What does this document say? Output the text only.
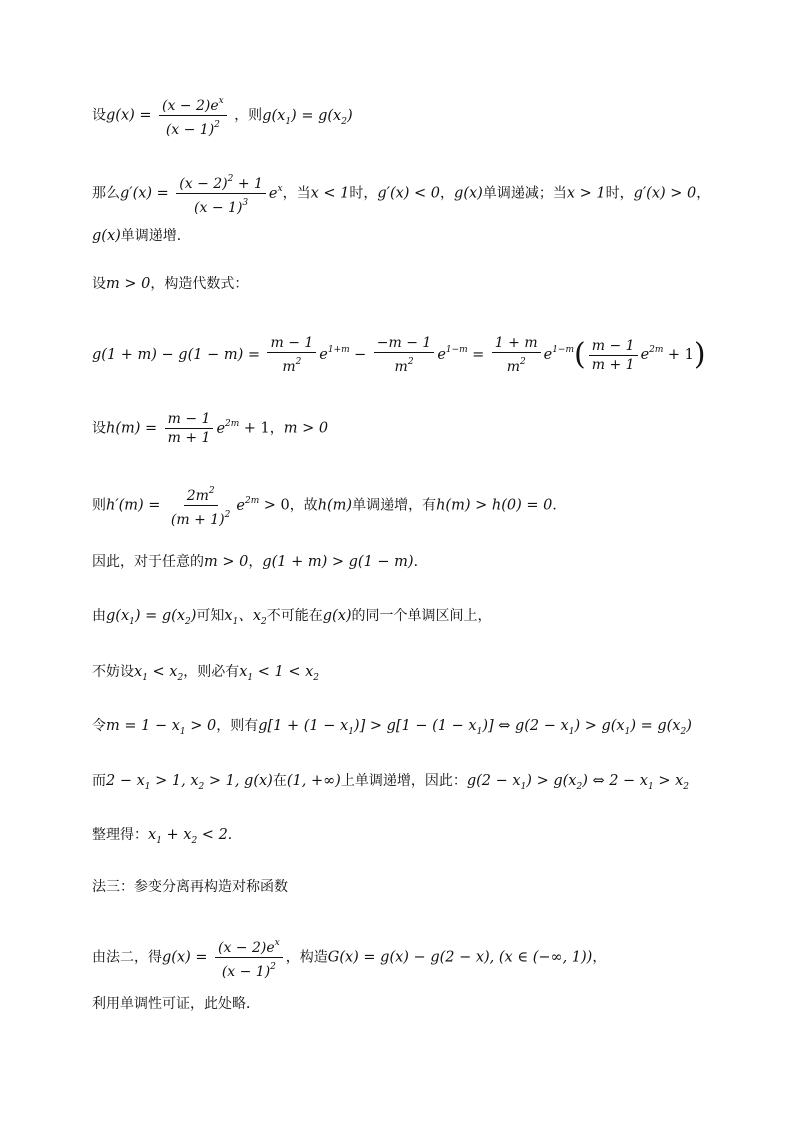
设$g(x) = \frac{(x - 2)e^x}{(x - 1)^2}$ ，则$g(x_1) = g(x_2)$
那么$g'(x) = \frac{(x - 2)^2 + 1}{(x - 1)^3} e^x$，当x < 1时，g′(x) < 0，g(x)单调递减；当x > 1时，g′(x) > 0，
g(x)单调递增．
设m > 0，构造代数式：
$g(1 + m) - g(1 - m) = \frac{m - 1}{m^2} e^{1+m} - \frac{-m - 1}{m^2} e^{1-m} = \frac{1 + m}{m^2} e^{1-m}( \frac{m - 1}{m + 1} e^{2m} + 1)$
设$h(m) = \frac{m - 1}{m + 1} e^{2m} + 1$，m > 0
则$h'(m) = \frac{2m^2}{(m + 1)^2} e^{2m} > 0$，故h(m)单调递增，有h(m) > h(0) = 0．
因此，对于任意的m > 0，g(1 + m) > g(1 − m)．
由$g(x_1) = g(x_2)$可知$x_1$、$x_2$不可能在g(x)的同一个单调区间上，
不妨设$x_1 < x_2$，则必有$x_1 < 1 < x_2$
令$m = 1 - x_1 > 0$，则有$g[1 + (1 - x_1)] > g[1 - (1 - x_1)]$ ⇔ $g(2 - x_1) > g(x_1) = g(x_2)$
而$2 - x_1 > 1$, $x_2 > 1$, g(x)在(1, +∞)上单调递增，因此：$g(2 - x_1) > g(x_2)$ ⇔ $2 - x_1 > x_2$
整理得：$x_1 + x_2 < 2$．
法三：参变分离再构造对称函数
由法二，得$g(x) = \frac{(x - 2)e^x}{(x - 1)^2}$ ，构造G(x) = g(x) − g(2 − x), (x ∈ (−∞, 1))，
利用单调性可证，此处略．
